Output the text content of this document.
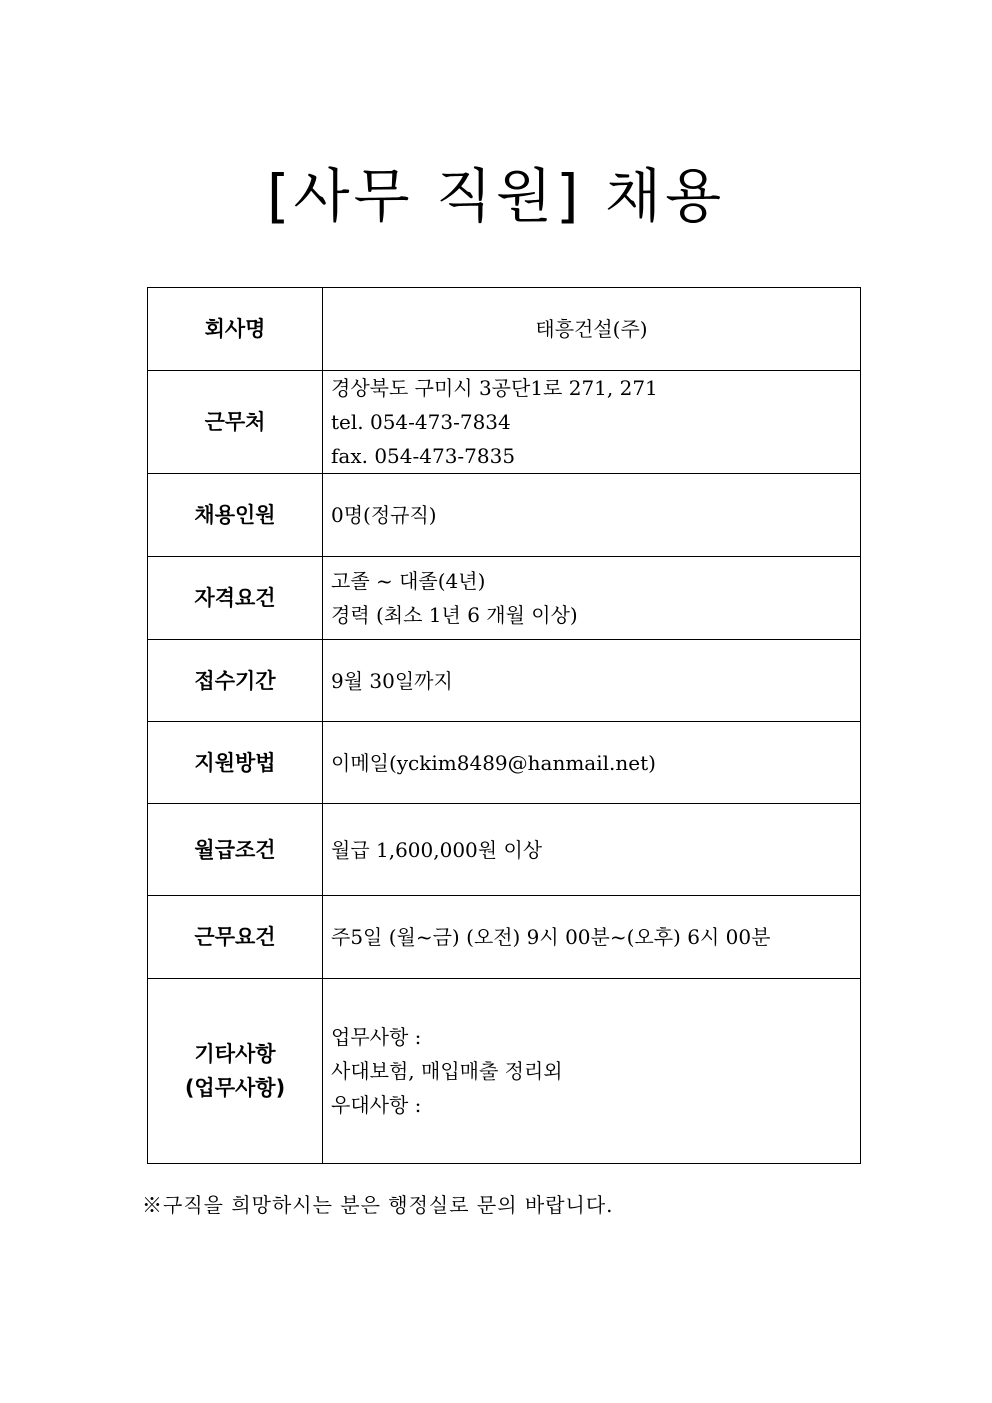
[사무 직원] 채용
회사명	태흥건설(주)

근무처	경상북도 구미시 3공단1로 271, 271
tel. 054-473-7834
fax. 054-473-7835

채용인원	0명(정규직)

자격요건	고졸 ~ 대졸(4년)
경력 (최소 1년 6 개월 이상)

접수기간	9월 30일까지

지원방법	이메일(yckim8489@hanmail.net)

월급조건	월급 1,600,000원 이상

근무요건	주5일 (월~금) (오전) 9시 00분~(오후) 6시 00분

기타사항
(업무사항)	업무사항 :
사대보험, 매입매출 정리외
우대사항 :
※구직을 희망하시는 분은 행정실로 문의 바랍니다.
